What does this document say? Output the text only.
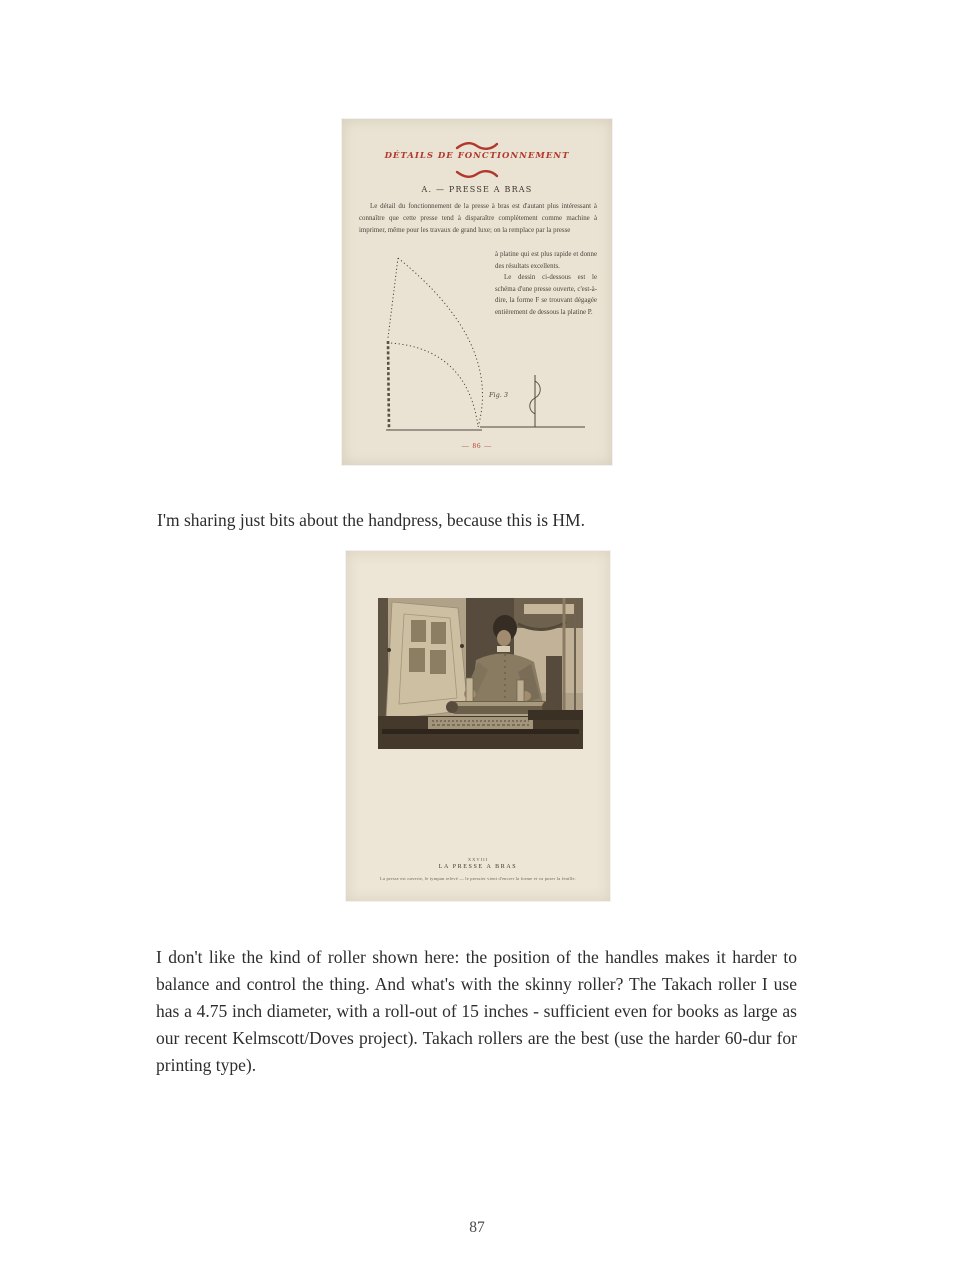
DÉTAILS DE FONCTIONNEMENT
A. — PRESSE A BRAS
Le détail du fonctionnement de la presse à bras est d'autant plus intéressant à connaître que cette presse tend à disparaître complètement comme machine à imprimer, même pour les travaux de grand luxe; on la remplace par la presse
Fig. 3
à platine qui est plus rapide et donne des résultats excellents.
Le dessin ci-dessous est le schéma d'une presse ouverte, c'est-à-dire, la forme F se trouvant dégagée entièrement de dessous la platine P.
— 86 —

I'm sharing just bits about the handpress, because this is HM.

XXVIII
LA PRESSE A BRAS
La presse est ouverte, le tympan relevé — le pressier vient d'encrer la forme et va poser la feuille.

I don't like the kind of roller shown here: the position of the handles makes it harder to balance and control the thing. And what's with the skinny roller? The Takach roller I use has a 4.75 inch diameter, with a roll-out of 15 inches - sufficient even for books as large as our recent Kelmscott/Doves project). Takach rollers are the best (use the harder 60-dur for printing type).

87
